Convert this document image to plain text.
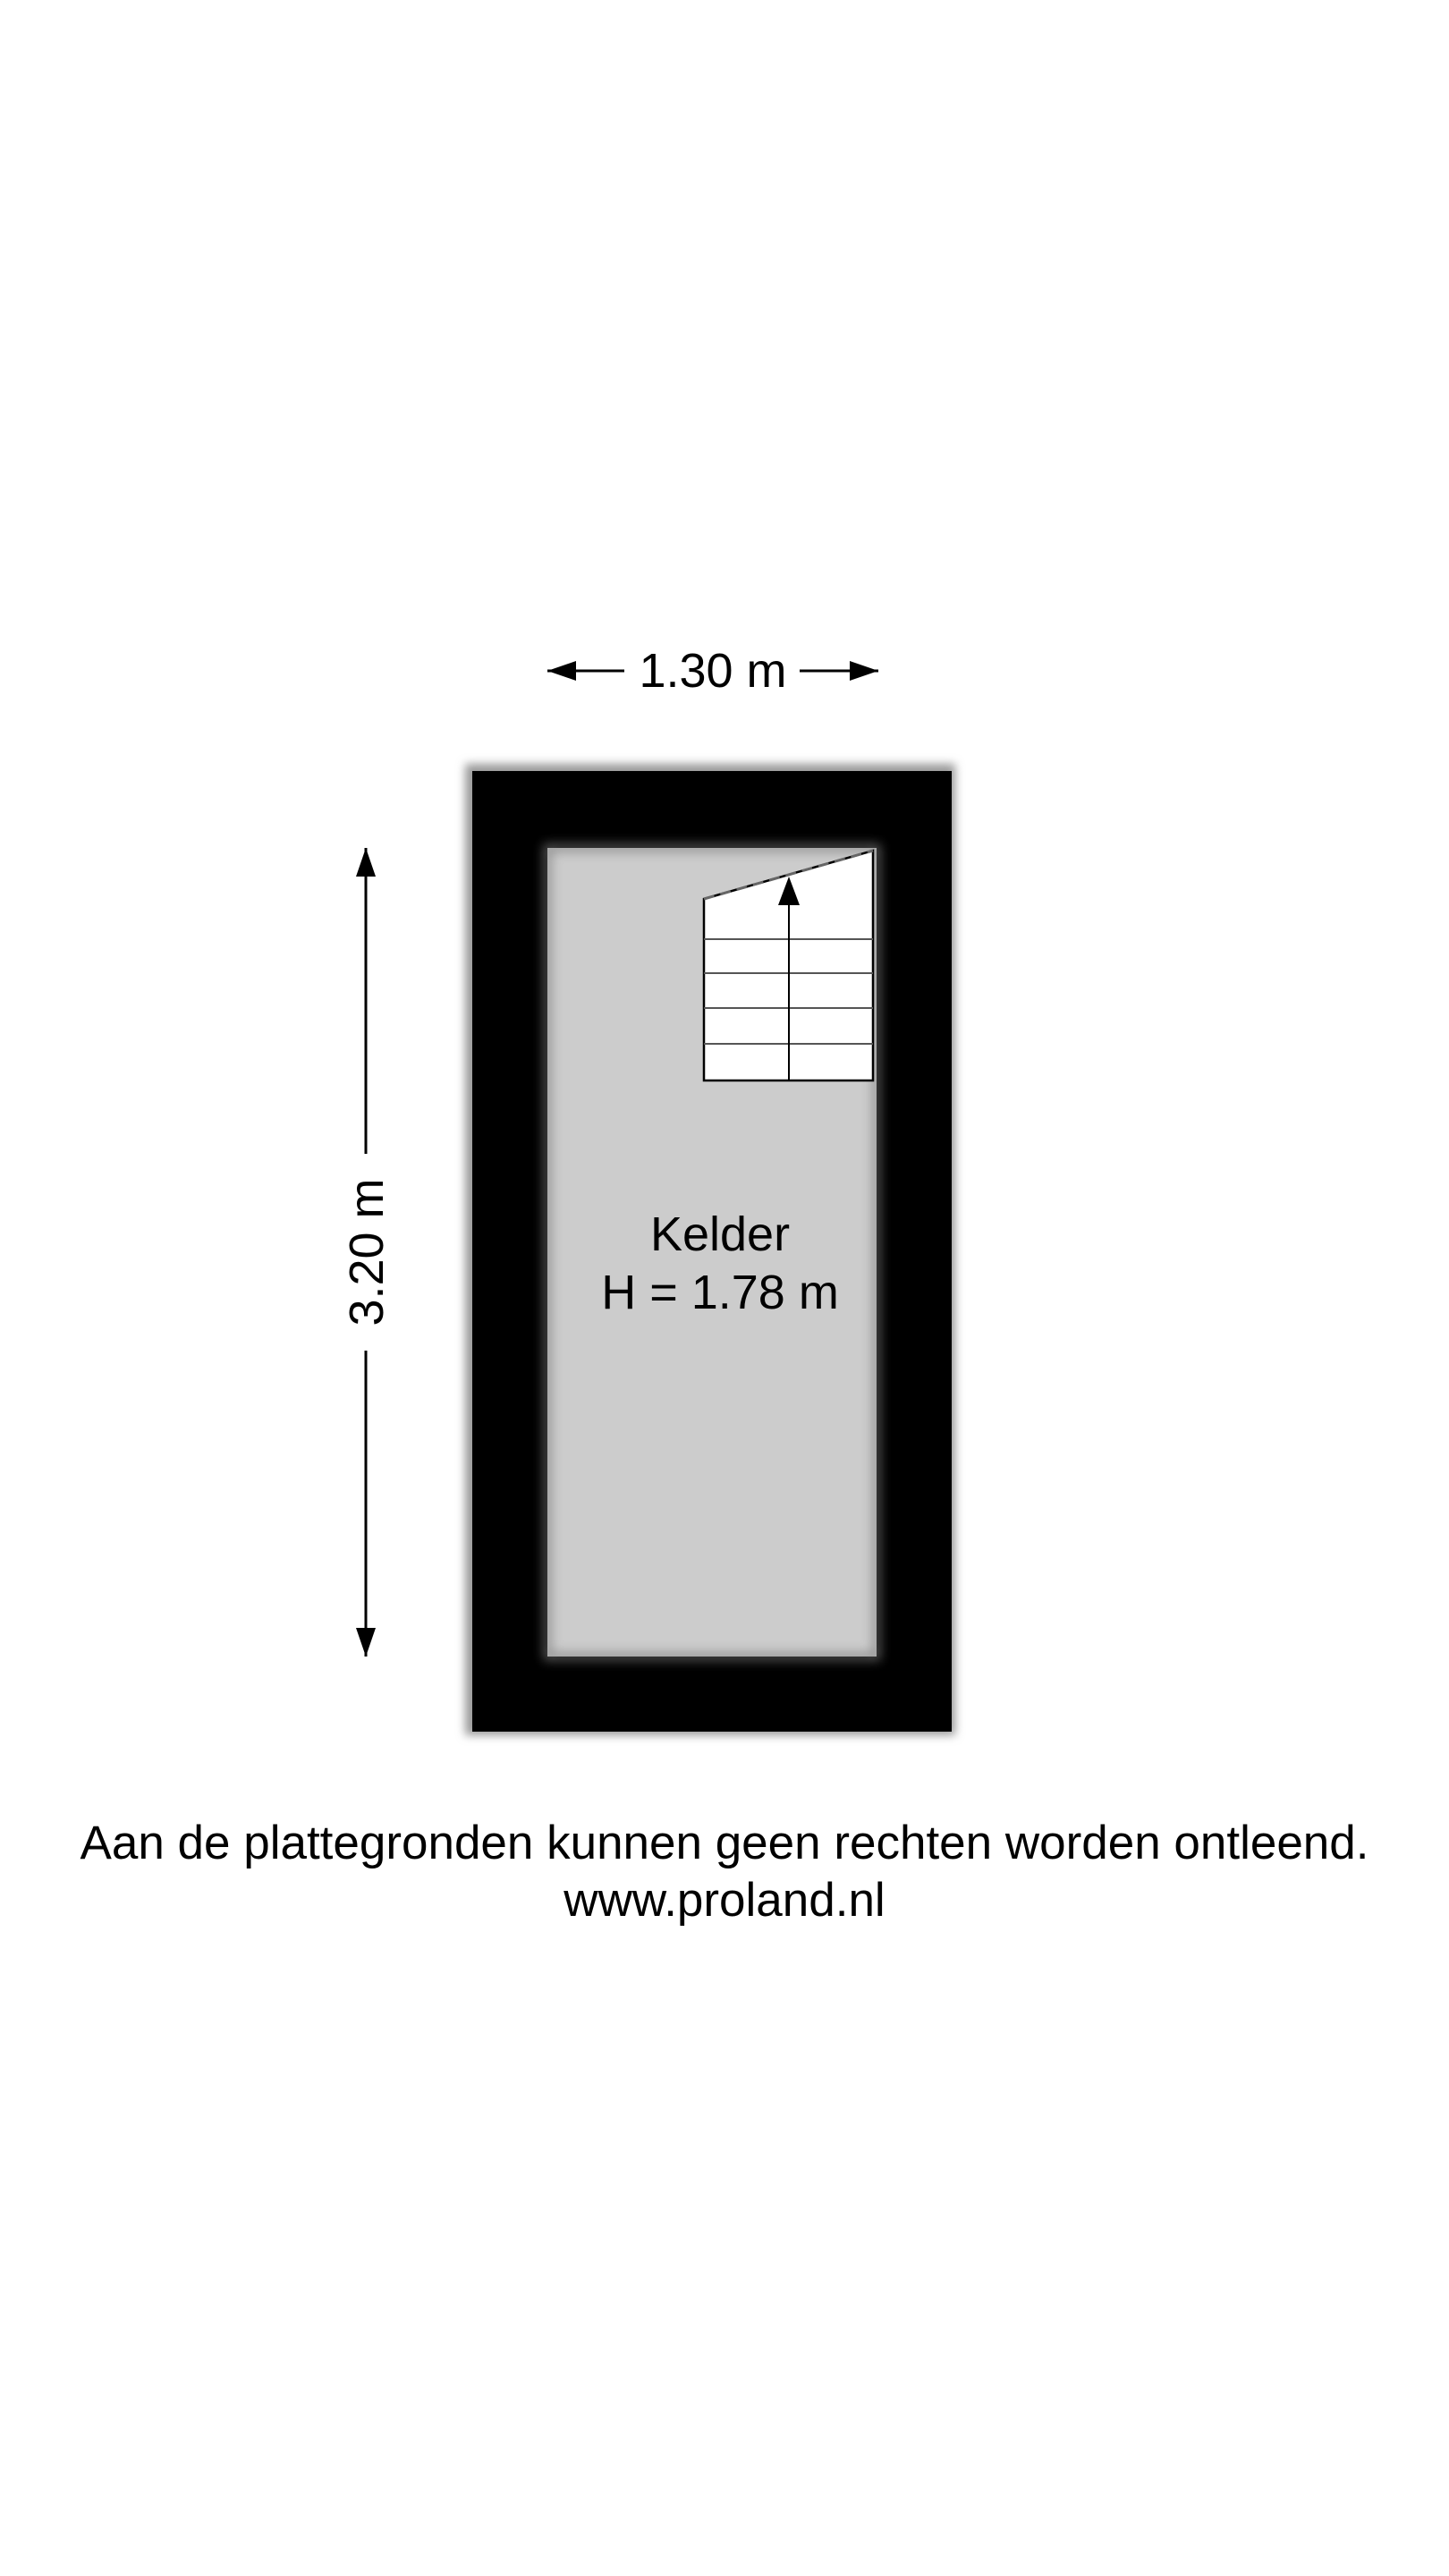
1.30 m
3.20 m	Kelder
H = 1.78 m
Aan de plattegronden kunnen geen rechten worden ontleend.
www.proland.nl
